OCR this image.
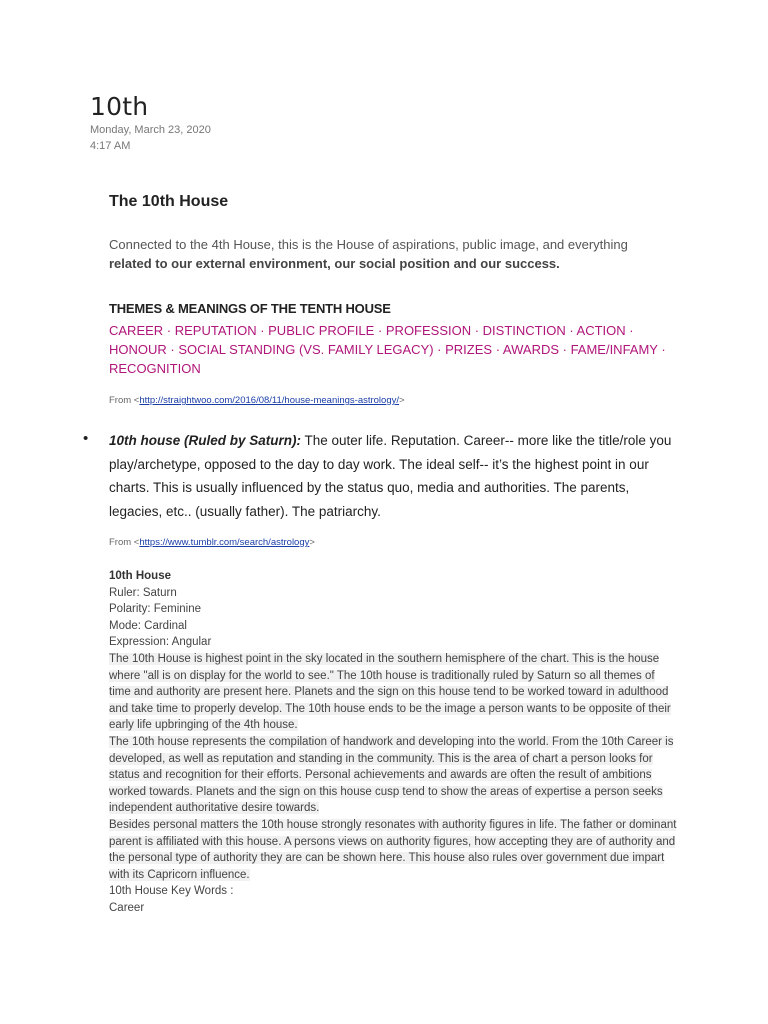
10th
Monday, March 23, 2020
4:17 AM
The 10th House
Connected to the 4th House, this is the House of aspirations, public image, and everything related to our external environment, our social position and our success.
THEMES & MEANINGS OF THE TENTH HOUSE
CAREER · REPUTATION · PUBLIC PROFILE · PROFESSION · DISTINCTION · ACTION · HONOUR · SOCIAL STANDING (VS. FAMILY LEGACY) · PRIZES · AWARDS · FAME/INFAMY · RECOGNITION
From <http://straightwoo.com/2016/08/11/house-meanings-astrology/>
• 10th house (Ruled by Saturn): The outer life. Reputation. Career-- more like the title/role you play/archetype, opposed to the day to day work. The ideal self-- it’s the highest point in our charts. This is usually influenced by the status quo, media and authorities. The parents, legacies, etc.. (usually father). The patriarchy.
From <https://www.tumblr.com/search/astrology>
10th House
Ruler: Saturn
Polarity: Feminine
Mode: Cardinal
Expression: Angular
The 10th House is highest point in the sky located in the southern hemisphere of the chart. This is the house where "all is on display for the world to see." The 10th house is traditionally ruled by Saturn so all themes of time and authority are present here. Planets and the sign on this house tend to be worked toward in adulthood and take time to properly develop. The 10th house ends to be the image a person wants to be opposite of their early life upbringing of the 4th house.
The 10th house represents the compilation of handwork and developing into the world. From the 10th Career is developed, as well as reputation and standing in the community. This is the area of chart a person looks for status and recognition for their efforts. Personal achievements and awards are often the result of ambitions worked towards. Planets and the sign on this house cusp tend to show the areas of expertise a person seeks independent authoritative desire towards.
Besides personal matters the 10th house strongly resonates with authority figures in life. The father or dominant parent is affiliated with this house. A persons views on authority figures, how accepting they are of authority and the personal type of authority they are can be shown here. This house also rules over government due impart with its Capricorn influence.
10th House Key Words :
Career
